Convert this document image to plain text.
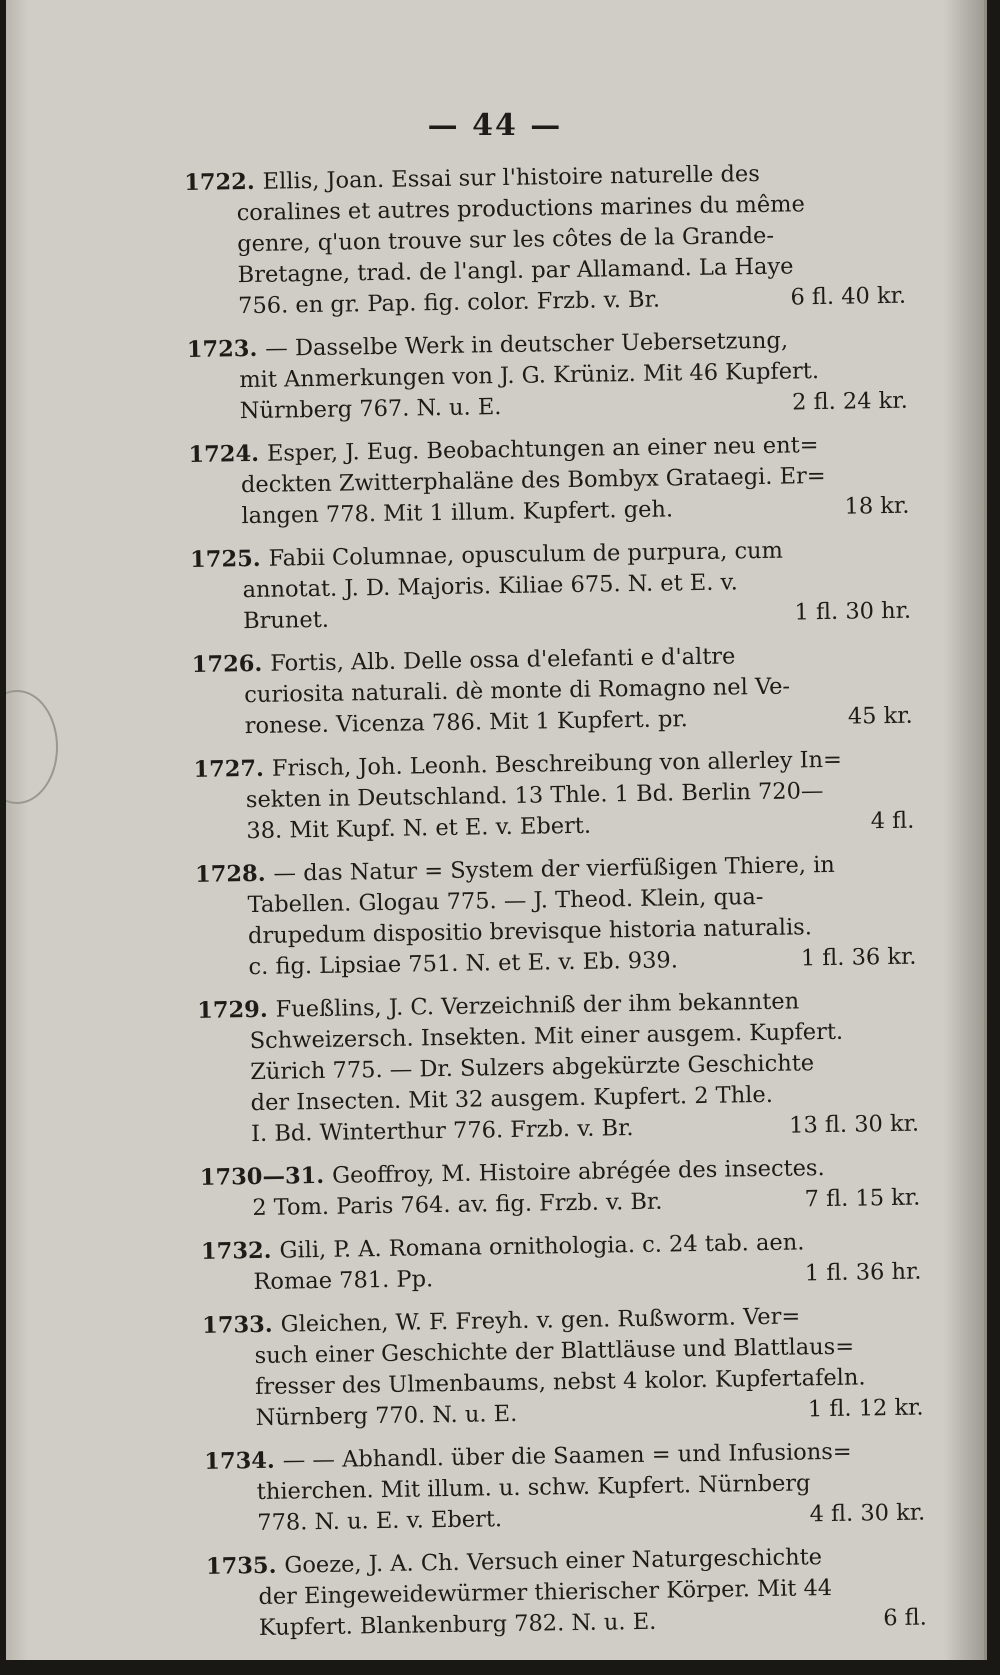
— 44 —
1722. Ellis, Joan. Essai sur l'histoire naturelle des
coralines et autres productions marines du même
genre, q'uon trouve sur les côtes de la Grande-
Bretagne, trad. de l'angl. par Allamand. La Haye
756. en gr. Pap. fig. color. Frzb. v. Br.	6 fl. 40 kr.
1723. — Dasselbe Werk in deutscher Uebersetzung,
mit Anmerkungen von J. G. Krüniz. Mit 46 Kupfert.
Nürnberg 767. N. u. E.	2 fl. 24 kr.
1724. Esper, J. Eug. Beobachtungen an einer neu ent=
deckten Zwitterphaläne des Bombyx Grataegi. Er=
langen 778. Mit 1 illum. Kupfert. geh.	18 kr.
1725. Fabii Columnae, opusculum de purpura, cum
annotat. J. D. Majoris. Kiliae 675. N. et E. v.
Brunet.	1 fl. 30 hr.
1726. Fortis, Alb. Delle ossa d'elefanti e d'altre
curiosita naturali. dè monte di Romagno nel Ve-
ronese. Vicenza 786. Mit 1 Kupfert. pr.	45 kr.
1727. Frisch, Joh. Leonh. Beschreibung von allerley In=
sekten in Deutschland. 13 Thle. 1 Bd. Berlin 720—
38. Mit Kupf. N. et E. v. Ebert.	4 fl.
1728. — das Natur = System der vierfüßigen Thiere, in
Tabellen. Glogau 775. — J. Theod. Klein, qua-
drupedum dispositio brevisque historia naturalis.
c. fig. Lipsiae 751. N. et E. v. Eb. 939.	1 fl. 36 kr.
1729. Fueßlins, J. C. Verzeichniß der ihm bekannten
Schweizersch. Insekten. Mit einer ausgem. Kupfert.
Zürich 775. — Dr. Sulzers abgekürzte Geschichte
der Insecten. Mit 32 ausgem. Kupfert. 2 Thle.
I. Bd. Winterthur 776. Frzb. v. Br.	13 fl. 30 kr.
1730—31. Geoffroy, M. Histoire abrégée des insectes.
2 Tom. Paris 764. av. fig. Frzb. v. Br.	7 fl. 15 kr.
1732. Gili, P. A. Romana ornithologia. c. 24 tab. aen.
Romae 781. Pp.	1 fl. 36 hr.
1733. Gleichen, W. F. Freyh. v. gen. Rußworm. Ver=
such einer Geschichte der Blattläuse und Blattlaus=
fresser des Ulmenbaums, nebst 4 kolor. Kupfertafeln.
Nürnberg 770. N. u. E.	1 fl. 12 kr.
1734. — — Abhandl. über die Saamen = und Infusions=
thierchen. Mit illum. u. schw. Kupfert. Nürnberg
778. N. u. E. v. Ebert.	4 fl. 30 kr.
1735. Goeze, J. A. Ch. Versuch einer Naturgeschichte
der Eingeweidewürmer thierischer Körper. Mit 44
Kupfert. Blankenburg 782. N. u. E.	6 fl.
